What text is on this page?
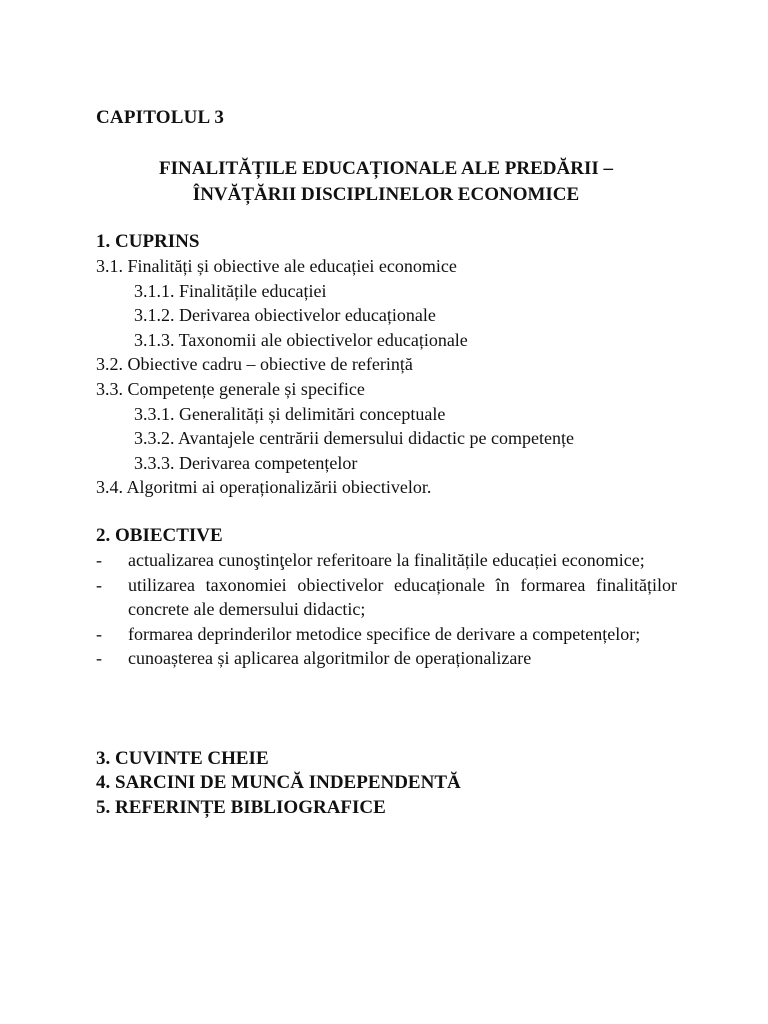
CAPITOLUL 3
FINALITĂȚILE EDUCAȚIONALE ALE PREDĂRII –
ÎNVĂȚĂRII DISCIPLINELOR ECONOMICE
1. CUPRINS
3.1. Finalități și obiective ale educației economice
3.1.1. Finalitățile educației
3.1.2. Derivarea obiectivelor educaționale
3.1.3. Taxonomii ale obiectivelor educaționale
3.2. Obiective cadru – obiective de referință
3.3. Competențe generale și specifice
3.3.1. Generalități și delimitări conceptuale
3.3.2. Avantajele centrării demersului didactic pe competențe
3.3.3. Derivarea competențelor
3.4. Algoritmi ai operaționalizării obiectivelor.
2. OBIECTIVE
- actualizarea cunoştinţelor referitoare la finalitățile educației economice;
- utilizarea taxonomiei obiectivelor educaționale în formarea finalităților concrete ale demersului didactic;
- formarea deprinderilor metodice specifice de derivare a competențelor;
- cunoașterea și aplicarea algoritmilor de operaționalizare
3. CUVINTE CHEIE
4. SARCINI DE MUNCĂ INDEPENDENTĂ
5. REFERINȚE BIBLIOGRAFICE
